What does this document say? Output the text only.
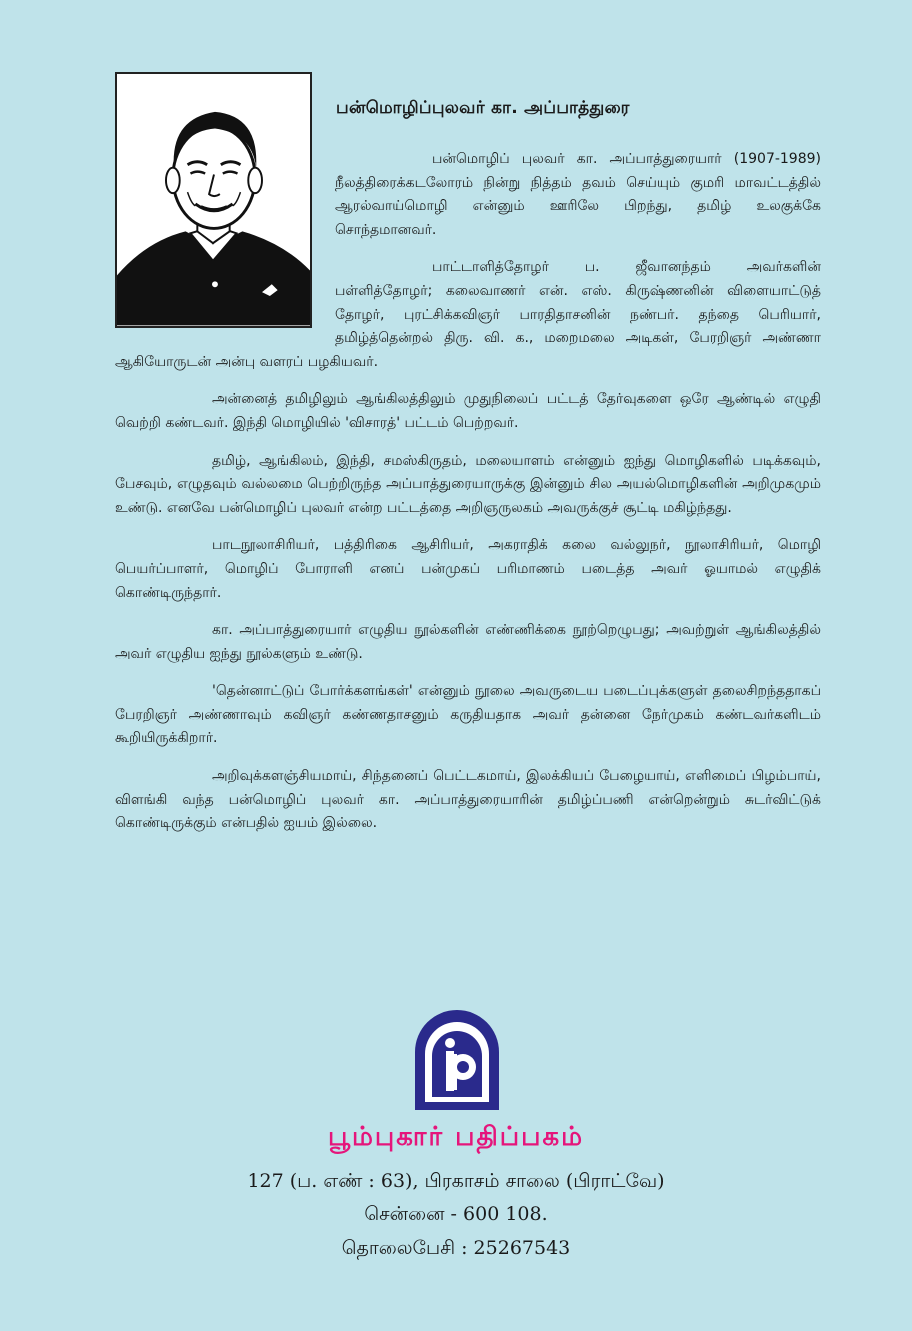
பன்மொழிப்புலவர் கா. அப்பாத்துரை

பன்மொழிப் புலவர் கா. அப்பாத்துரையார் (1907-1989) நீலத்திரைக்கடலோரம் நின்று நித்தம் தவம் செய்யும் குமரி மாவட்டத்தில் ஆரல்வாய்மொழி என்னும் ஊரிலே பிறந்து, தமிழ் உலகுக்கே சொந்தமானவர்.

பாட்டாளித்தோழர் ப. ஜீவானந்தம் அவர்களின் பள்ளித்தோழர்; கலைவாணர் என். எஸ். கிருஷ்ணனின் விளையாட்டுத் தோழர், புரட்சிக்கவிஞர் பாரதிதாசனின் நண்பர். தந்தை பெரியார், தமிழ்த்தென்றல் திரு. வி. க., மறைமலை அடிகள், பேரறிஞர் அண்ணா ஆகியோருடன் அன்பு வளரப் பழகியவர்.

அன்னைத் தமிழிலும் ஆங்கிலத்திலும் முதுநிலைப் பட்டத் தேர்வுகளை ஒரே ஆண்டில் எழுதி வெற்றி கண்டவர். இந்தி மொழியில் 'விசாரத்' பட்டம் பெற்றவர்.

தமிழ், ஆங்கிலம், இந்தி, சமஸ்கிருதம், மலையாளம் என்னும் ஐந்து மொழிகளில் படிக்கவும், பேசவும், எழுதவும் வல்லமை பெற்றிருந்த அப்பாத்துரையாருக்கு இன்னும் சில அயல்மொழிகளின் அறிமுகமும் உண்டு. எனவே பன்மொழிப் புலவர் என்ற பட்டத்தை அறிஞருலகம் அவருக்குச் சூட்டி மகிழ்ந்தது.

பாடநூலாசிரியர், பத்திரிகை ஆசிரியர், அகராதிக் கலை வல்லுநர், நூலாசிரியர், மொழி பெயர்ப்பாளர், மொழிப் போராளி எனப் பன்முகப் பரிமாணம் படைத்த அவர் ஓயாமல் எழுதிக் கொண்டிருந்தார்.

கா. அப்பாத்துரையார் எழுதிய நூல்களின் எண்ணிக்கை நூற்றெழுபது; அவற்றுள் ஆங்கிலத்தில் அவர் எழுதிய ஐந்து நூல்களும் உண்டு.

'தென்னாட்டுப் போர்க்களங்கள்' என்னும் நூலை அவருடைய படைப்புக்களுள் தலைசிறந்ததாகப் பேரறிஞர் அண்ணாவும் கவிஞர் கண்ணதாசனும் கருதியதாக அவர் தன்னை நேர்முகம் கண்டவர்களிடம் கூறியிருக்கிறார்.

அறிவுக்களஞ்சியமாய், சிந்தனைப் பெட்டகமாய், இலக்கியப் பேழையாய், எளிமைப் பிழம்பாய், விளங்கி வந்த பன்மொழிப் புலவர் கா. அப்பாத்துரையாரின் தமிழ்ப்பணி என்றென்றும் சுடர்விட்டுக் கொண்டிருக்கும் என்பதில் ஐயம் இல்லை.

பூம்புகார் பதிப்பகம்
127 (ப. எண் : 63), பிரகாசம் சாலை (பிராட்வே)
சென்னை - 600 108.
தொலைபேசி : 25267543
